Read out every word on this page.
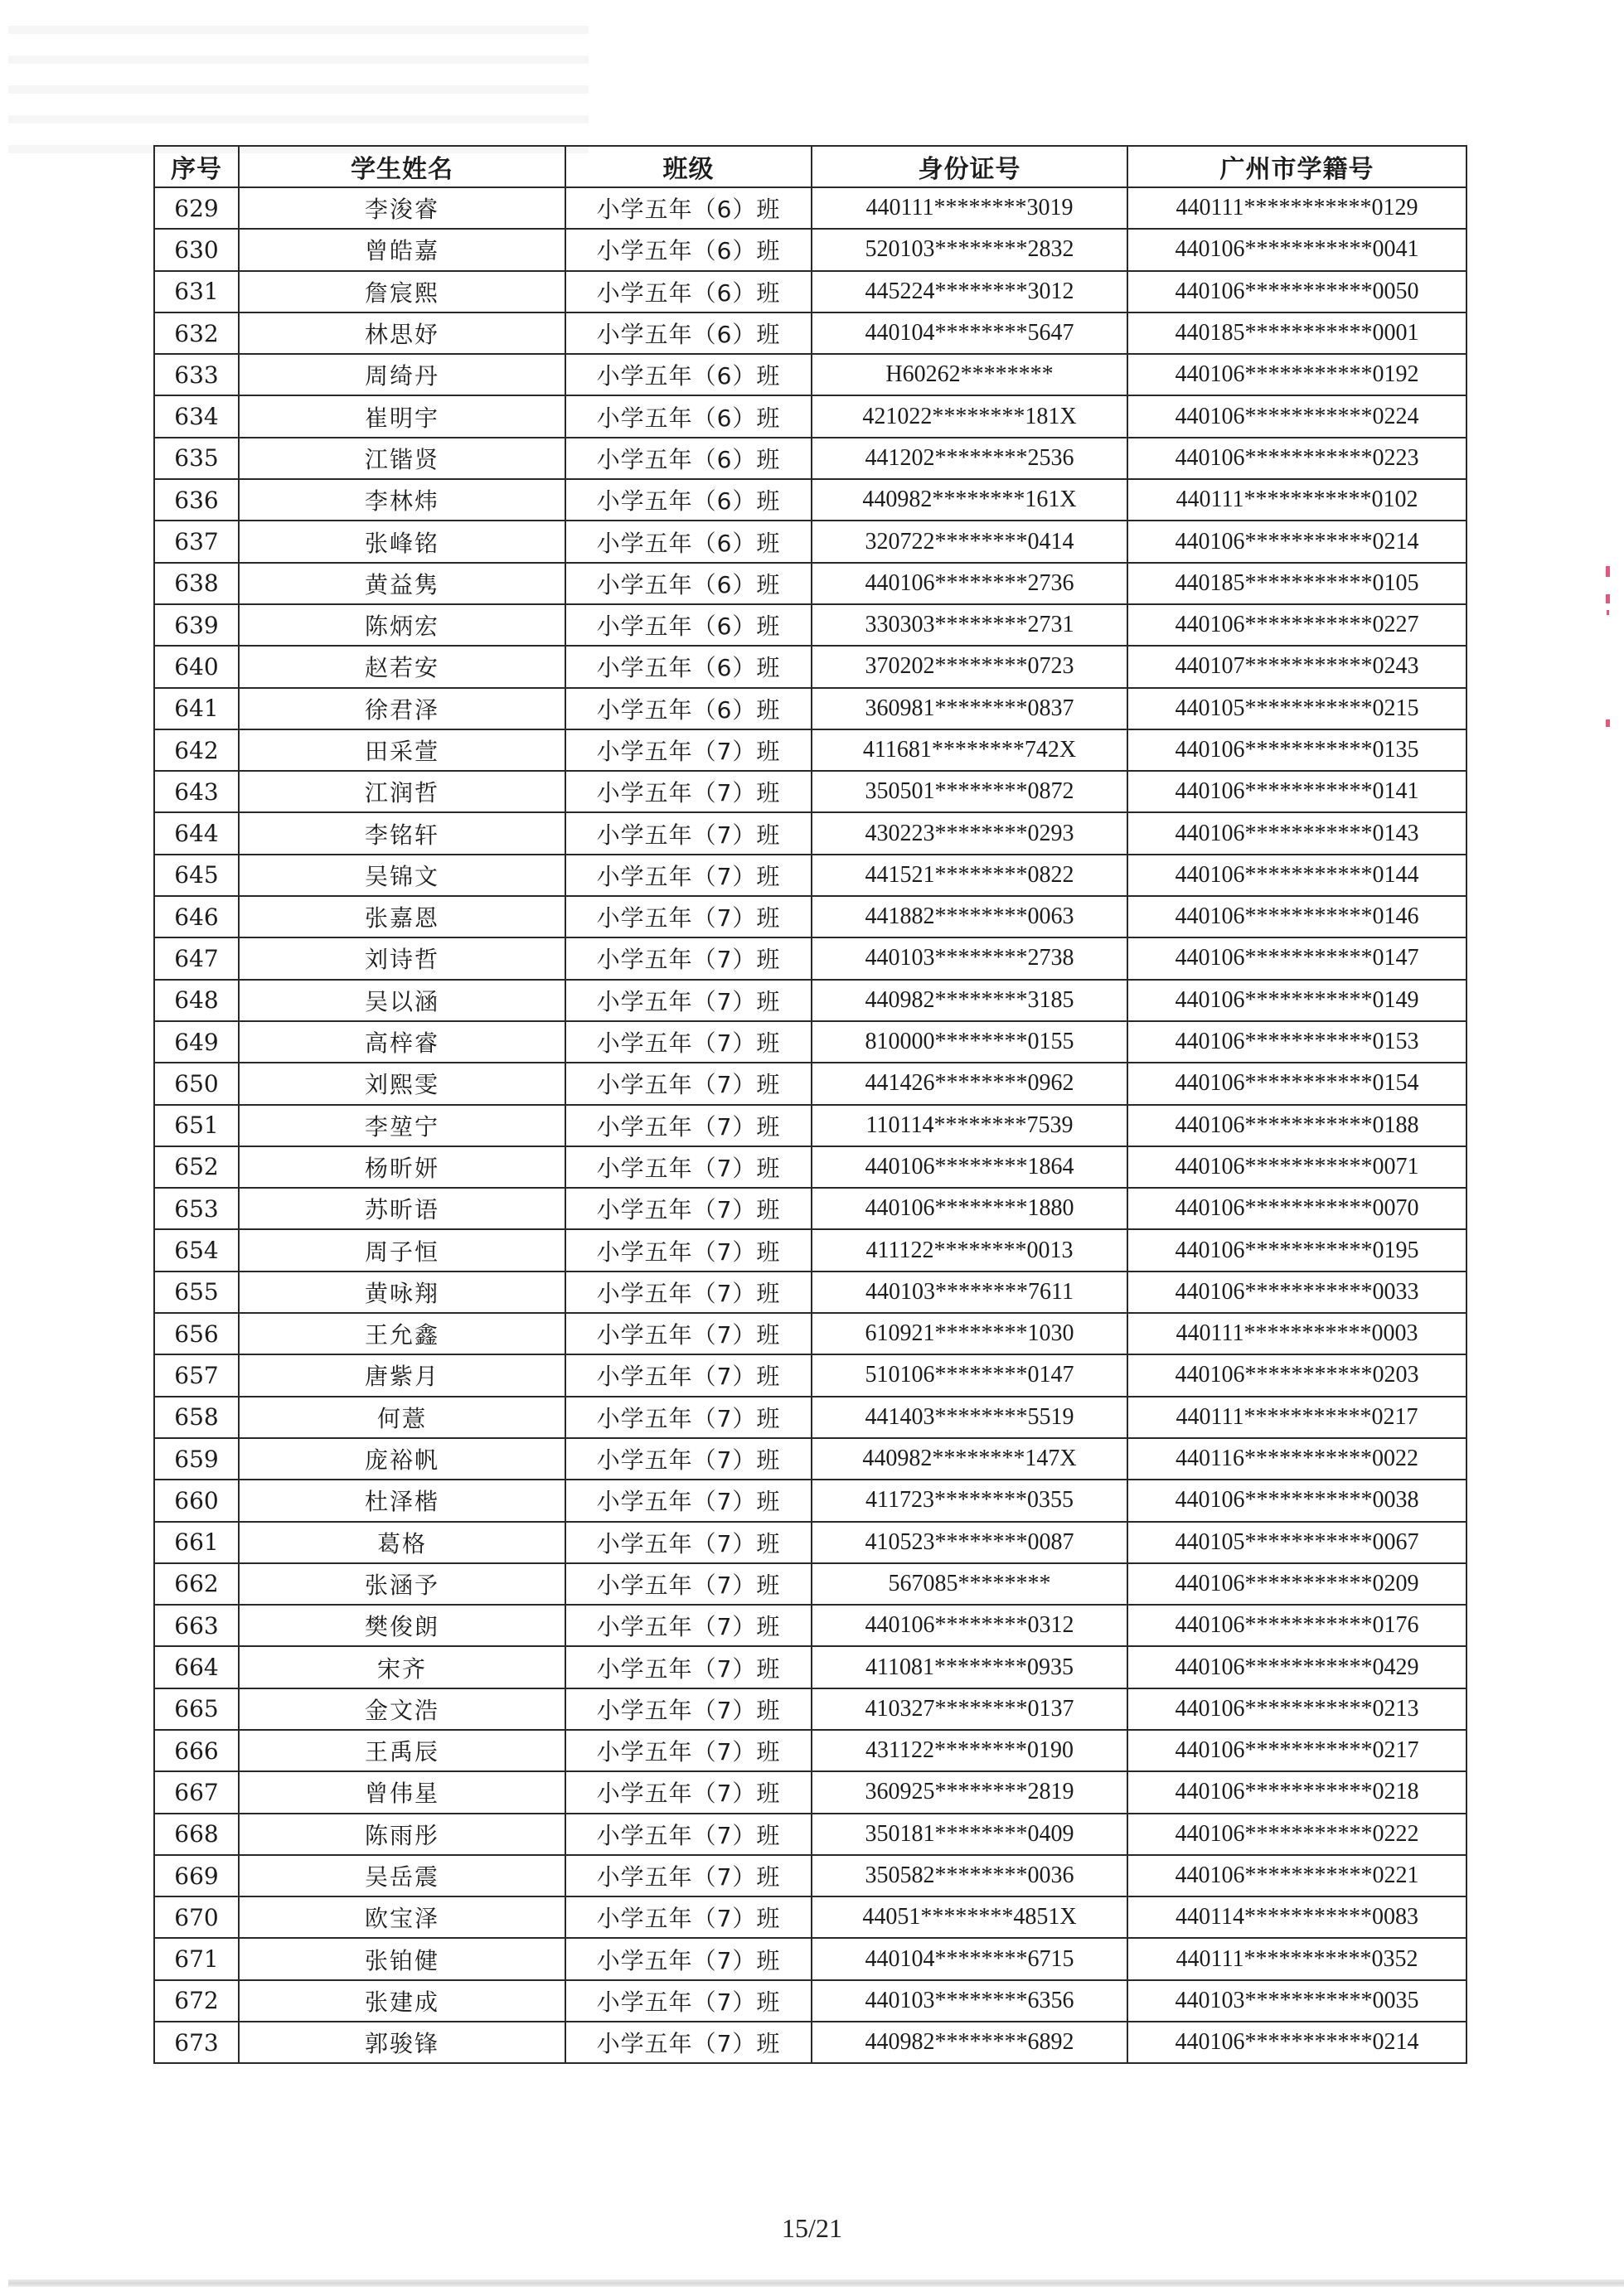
序号	学生姓名	班级	身份证号	广州市学籍号
629	李浚睿	小学五年（6）班	440111********3019	440111***********0129
630	曾皓嘉	小学五年（6）班	520103********2832	440106***********0041
631	詹宸熙	小学五年（6）班	445224********3012	440106***********0050
632	林思妤	小学五年（6）班	440104********5647	440185***********0001
633	周绮丹	小学五年（6）班	H60262********	440106***********0192
634	崔明宇	小学五年（6）班	421022********181X	440106***********0224
635	江锴贤	小学五年（6）班	441202********2536	440106***********0223
636	李林炜	小学五年（6）班	440982********161X	440111***********0102
637	张峰铭	小学五年（6）班	320722********0414	440106***********0214
638	黄益隽	小学五年（6）班	440106********2736	440185***********0105
639	陈炳宏	小学五年（6）班	330303********2731	440106***********0227
640	赵若安	小学五年（6）班	370202********0723	440107***********0243
641	徐君泽	小学五年（6）班	360981********0837	440105***********0215
642	田采萱	小学五年（7）班	411681********742X	440106***********0135
643	江润哲	小学五年（7）班	350501********0872	440106***********0141
644	李铭轩	小学五年（7）班	430223********0293	440106***********0143
645	吴锦文	小学五年（7）班	441521********0822	440106***********0144
646	张嘉恩	小学五年（7）班	441882********0063	440106***********0146
647	刘诗哲	小学五年（7）班	440103********2738	440106***********0147
648	吴以涵	小学五年（7）班	440982********3185	440106***********0149
649	高梓睿	小学五年（7）班	810000********0155	440106***********0153
650	刘熙雯	小学五年（7）班	441426********0962	440106***********0154
651	李堃宁	小学五年（7）班	110114********7539	440106***********0188
652	杨昕妍	小学五年（7）班	440106********1864	440106***********0071
653	苏昕语	小学五年（7）班	440106********1880	440106***********0070
654	周子恒	小学五年（7）班	411122********0013	440106***********0195
655	黄咏翔	小学五年（7）班	440103********7611	440106***********0033
656	王允鑫	小学五年（7）班	610921********1030	440111***********0003
657	唐紫月	小学五年（7）班	510106********0147	440106***********0203
658	何薏	小学五年（7）班	441403********5519	440111***********0217
659	庞裕帆	小学五年（7）班	440982********147X	440116***********0022
660	杜泽楷	小学五年（7）班	411723********0355	440106***********0038
661	葛格	小学五年（7）班	410523********0087	440105***********0067
662	张涵予	小学五年（7）班	567085********	440106***********0209
663	樊俊朗	小学五年（7）班	440106********0312	440106***********0176
664	宋齐	小学五年（7）班	411081********0935	440106***********0429
665	金文浩	小学五年（7）班	410327********0137	440106***********0213
666	王禹辰	小学五年（7）班	431122********0190	440106***********0217
667	曾伟星	小学五年（7）班	360925********2819	440106***********0218
668	陈雨彤	小学五年（7）班	350181********0409	440106***********0222
669	吴岳震	小学五年（7）班	350582********0036	440106***********0221
670	欧宝泽	小学五年（7）班	44051********4851X	440114***********0083
671	张铂健	小学五年（7）班	440104********6715	440111***********0352
672	张建成	小学五年（7）班	440103********6356	440103***********0035
673	郭骏锋	小学五年（7）班	440982********6892	440106***********0214
15/21
